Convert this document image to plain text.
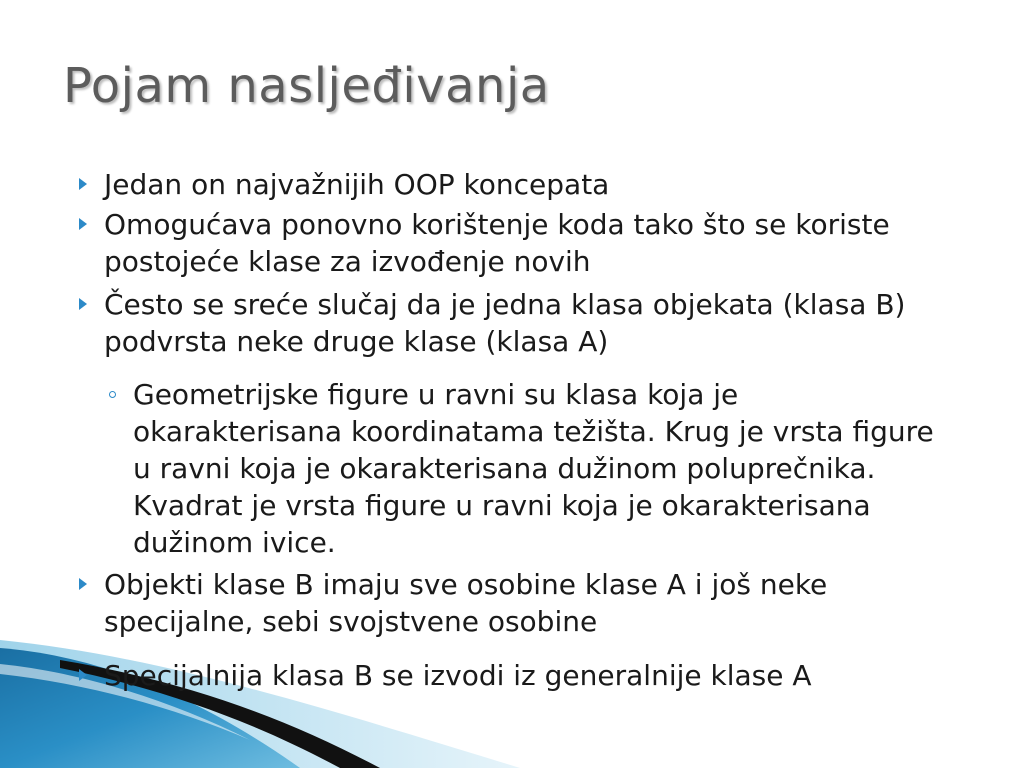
Pojam nasljeđivanja
Jedan on najvažnijih OOP koncepata
Omogućava ponovno korištenje koda tako što se koriste postojeće klase za izvođenje novih
Često se sreće slučaj da je jedna klasa objekata (klasa B) podvrsta neke druge klase (klasa A)
Geometrijske figure u ravni su klasa koja je okarakterisana koordinatama težišta. Krug je vrsta figure u ravni koja je okarakterisana dužinom poluprečnika. Kvadrat je vrsta figure u ravni koja je okarakterisana dužinom ivice.
Objekti klase B imaju sve osobine klase A i još neke specijalne, sebi svojstvene osobine
Specijalnija klasa B se izvodi iz generalnije klase A
